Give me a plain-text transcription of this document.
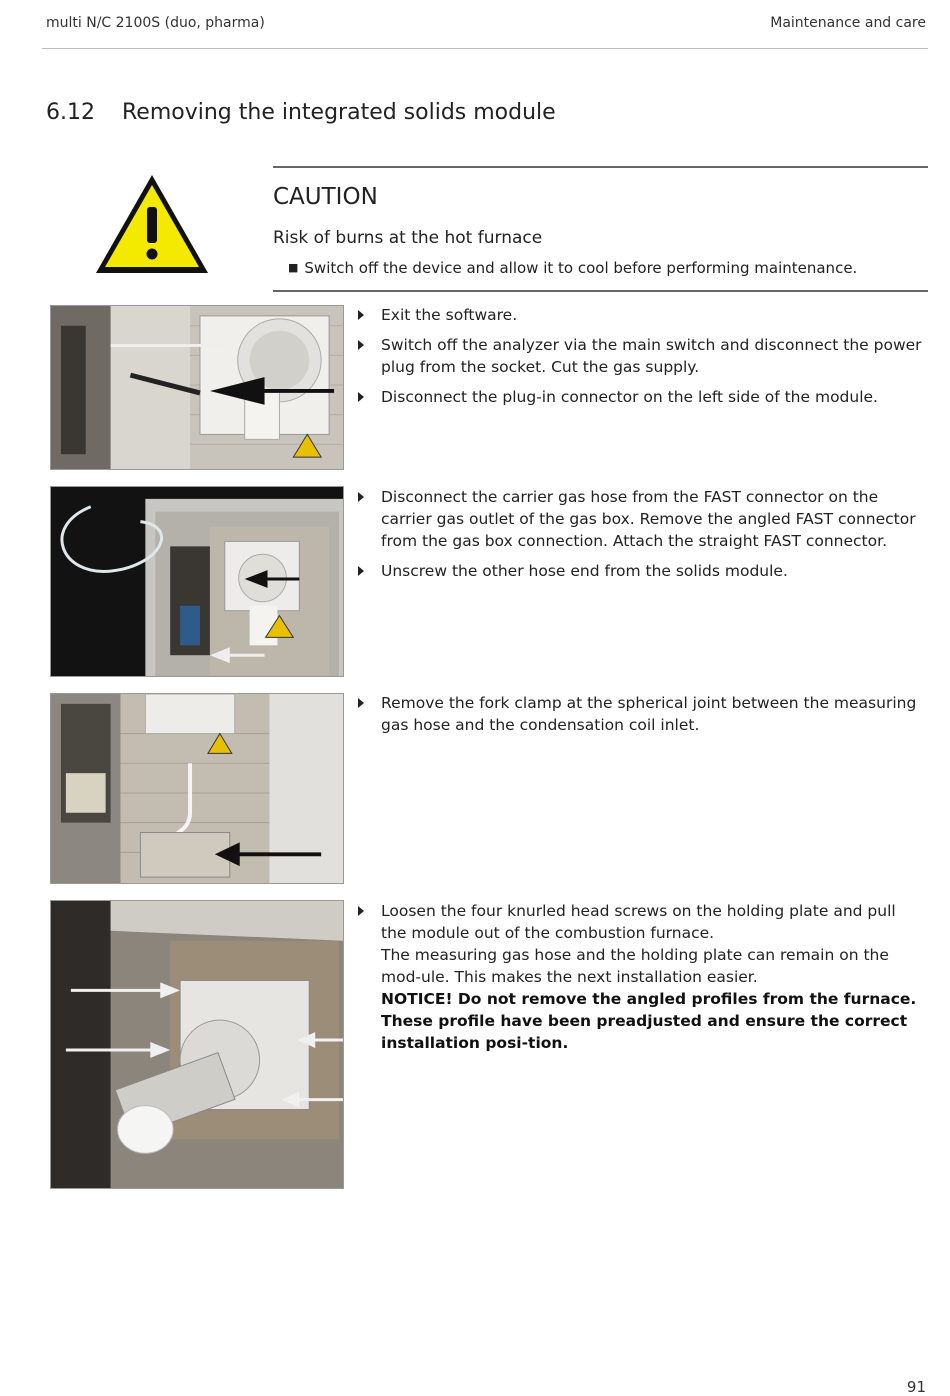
multi N/C 2100S (duo, pharma)	Maintenance and care
6.12 Removing the integrated solids module
CAUTION
Risk of burns at the hot furnace
■ Switch off the device and allow it to cool before performing maintenance.
Exit the software.
Switch off the analyzer via the main switch and disconnect the power plug from the socket. Cut the gas supply.
Disconnect the plug-in connector on the left side of the module.
Disconnect the carrier gas hose from the FAST connector on the carrier gas outlet of the gas box. Remove the angled FAST connector from the gas box connection. Attach the straight FAST connector.
Unscrew the other hose end from the solids module.
Remove the fork clamp at the spherical joint between the measuring gas hose and the condensation coil inlet.
Loosen the four knurled head screws on the holding plate and pull the module out of the combustion furnace.
The measuring gas hose and the holding plate can remain on the mod-ule. This makes the next installation easier.
NOTICE! Do not remove the angled profiles from the furnace. These profile have been preadjusted and ensure the correct installation posi-tion.
91
